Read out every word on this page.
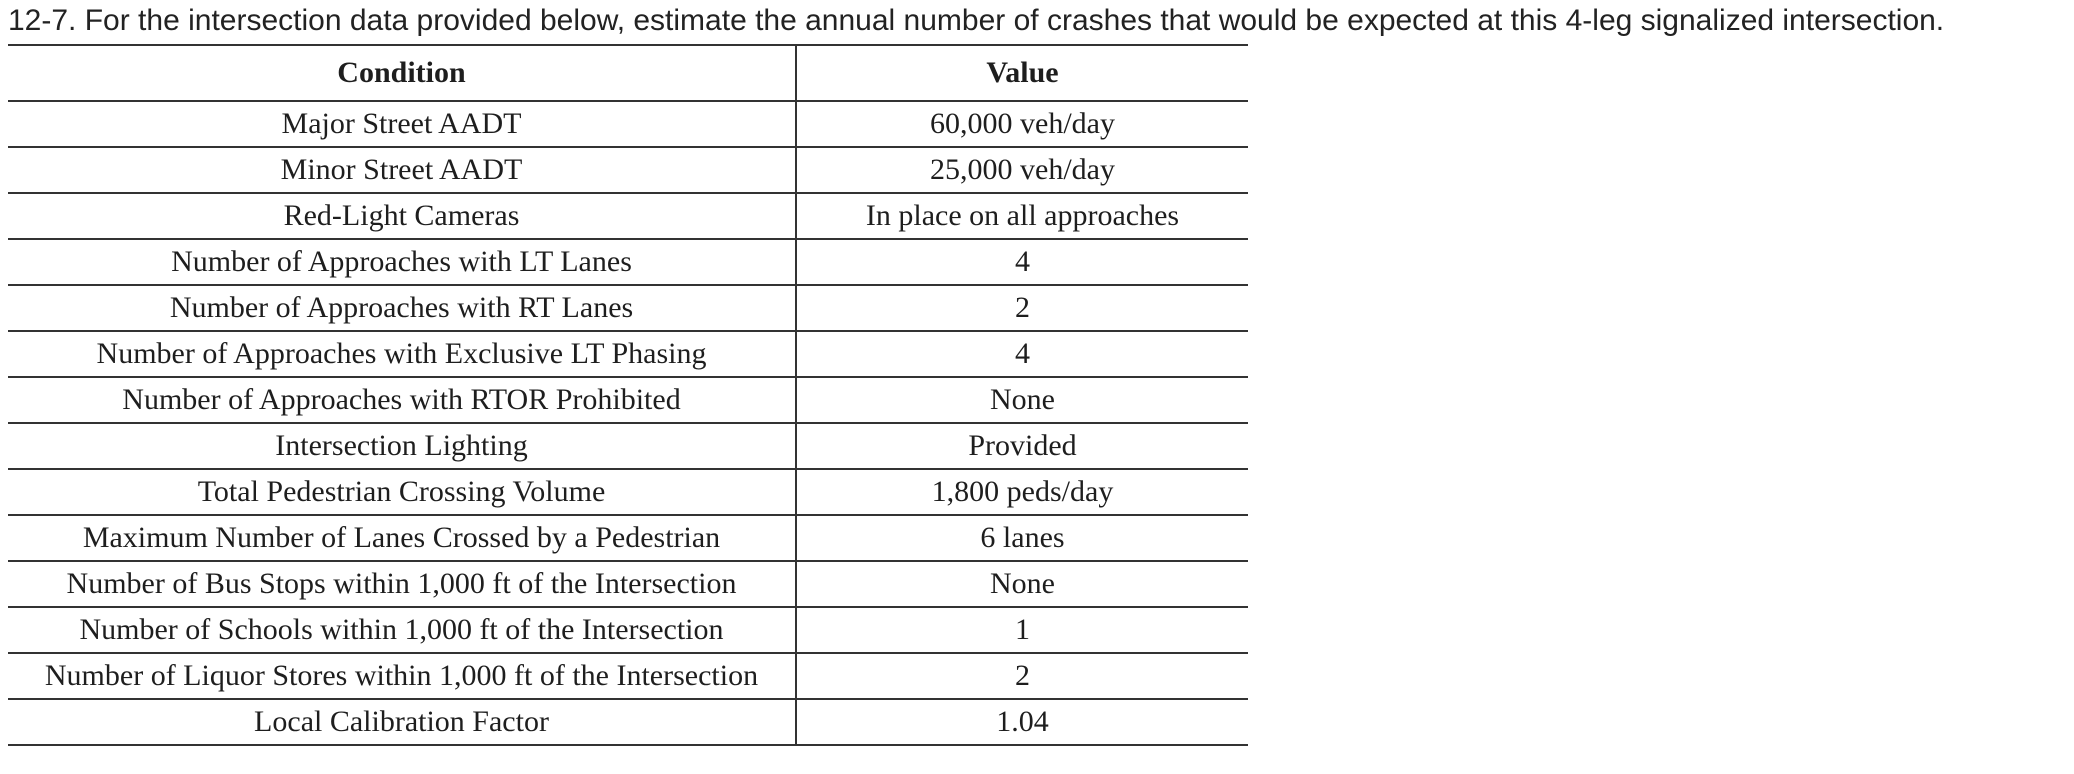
12-7. For the intersection data provided below, estimate the annual number of crashes that would be expected at this 4-leg signalized intersection.
Condition	Value
Major Street AADT	60,000 veh/day
Minor Street AADT	25,000 veh/day
Red-Light Cameras	In place on all approaches
Number of Approaches with LT Lanes	4
Number of Approaches with RT Lanes	2
Number of Approaches with Exclusive LT Phasing	4
Number of Approaches with RTOR Prohibited	None
Intersection Lighting	Provided
Total Pedestrian Crossing Volume	1,800 peds/day
Maximum Number of Lanes Crossed by a Pedestrian	6 lanes
Number of Bus Stops within 1,000 ft of the Intersection	None
Number of Schools within 1,000 ft of the Intersection	1
Number of Liquor Stores within 1,000 ft of the Intersection	2
Local Calibration Factor	1.04
